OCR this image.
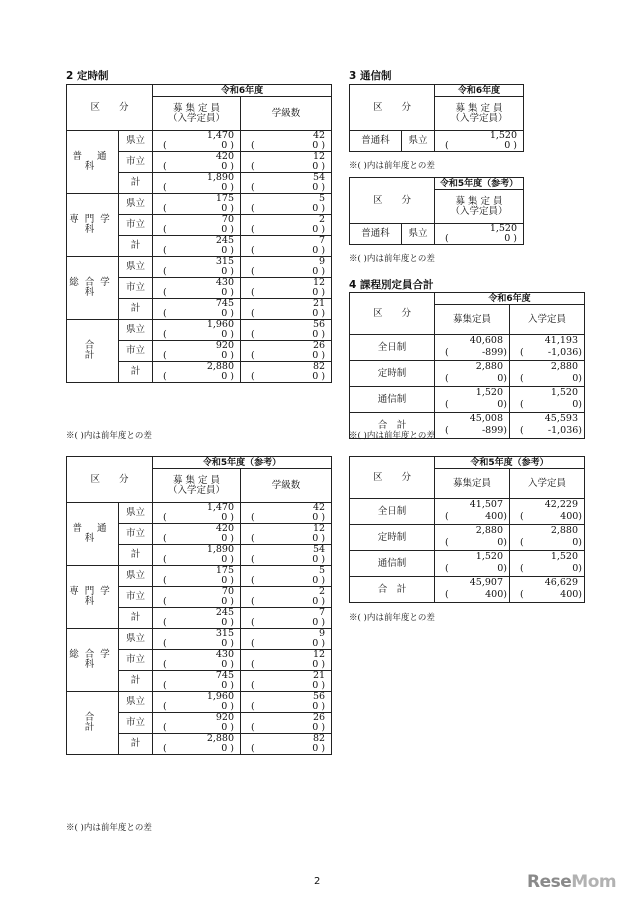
2 定時制
区　　分		令和6年度	

		募 集 定 員
（入学定員）	学級数
普 通 科	県立	1,470	42

		( 0 )	( 0 )

	市立	420	12

		( 0 )	( 0 )

	計	1,890	54

		( 0 )	( 0 )

専門学科	県立	175	5

		( 0 )	( 0 )

	市立	70	2

		( 0 )	( 0 )

	計	245	7

		( 0 )	( 0 )

総合学科	県立	315	9

		( 0 )	( 0 )

	市立	430	12

		( 0 )	( 0 )

	計	745	21

		( 0 )	( 0 )

合　　計	県立	1,960	56

		( 0 )	( 0 )

	市立	920	26

		( 0 )	( 0 )

	計	2,880	82

		( 0 )	( 0 )
※( )内は前年度との差
区　　分		令和5年度（参考）	

		募 集 定 員
（入学定員）	学級数
普 通 科	県立	1,470	42

		( 0 )	( 0 )

	市立	420	12

		( 0 )	( 0 )

	計	1,890	54

		( 0 )	( 0 )

専門学科	県立	175	5

		( 0 )	( 0 )

	市立	70	2

		( 0 )	( 0 )

	計	245	7

		( 0 )	( 0 )

総合学科	県立	315	9

		( 0 )	( 0 )

	市立	430	12

		( 0 )	( 0 )

	計	745	21

		( 0 )	( 0 )

合　　計	県立	1,960	56

		( 0 )	( 0 )

	市立	920	26

		( 0 )	( 0 )

	計	2,880	82

		( 0 )	( 0 )
※( )内は前年度との差
3 通信制
区　　分		令和6年度

		募 集 定 員
（入学定員）

普通科	県立	1,520

		( 0 )
※( )内は前年度との差
区　　分		令和5年度（参考）

		募 集 定 員
（入学定員）

普通科	県立	1,520

		( 0 )
※( )内は前年度との差
4 課程別定員合計
区　　分	令和6年度	
	募集定員	入学定員
全日制	40,608	41,193

	( -899)	( -1,036)

定時制	2,880	2,880

	( 0)	( 0)

通信制	1,520	1,520

	( 0)	( 0)

合　計	45,008	45,593

	( -899)	( -1,036)
※( )内は前年度との差
区　　分	令和5年度（参考）	
	募集定員	入学定員
全日制	41,507	42,229

	( 400)	( 400)

定時制	2,880	2,880

	( 0)	( 0)

通信制	1,520	1,520

	( 0)	( 0)

合　計	45,907	46,629

	( 400)	( 400)
※( )内は前年度との差
2	ReseMom
